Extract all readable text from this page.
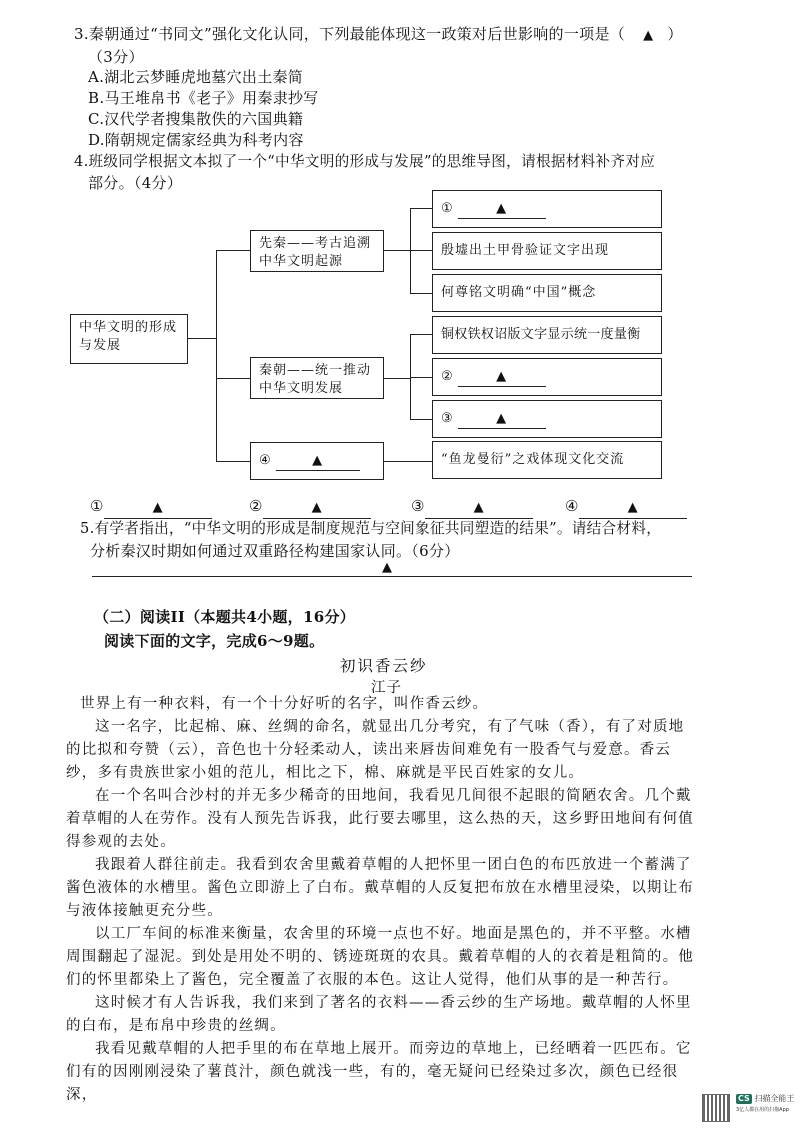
3.秦朝通过“书同文”强化文化认同，下列最能体现这一政策对后世影响的一项是（ ▲ ）
（3分）
A.湖北云梦睡虎地墓穴出土秦简
B.马王堆帛书《老子》用秦隶抄写
C.汉代学者搜集散佚的六国典籍
D.隋朝规定儒家经典为科考内容
4.班级同学根据文本拟了一个“中华文明的形成与发展”的思维导图，请根据材料补齐对应
部分。（4分）
中华文明的形成与发展
先秦——考古追溯中华文明起源
秦朝——统一推动中华文明发展
④	▲
①	▲
殷墟出土甲骨验证文字出现
何尊铭文明确“中国”概念
铜权铁权诏版文字显示统一度量衡
②	▲
③	▲
“鱼龙曼衍”之戏体现文化交流
①	▲	②	▲	③	▲	④	▲
5.有学者指出，“中华文明的形成是制度规范与空间象征共同塑造的结果”。请结合材料，
分析秦汉时期如何通过双重路径构建国家认同。（6分）
▲
（二）阅读II（本题共4小题，16分）
阅读下面的文字，完成6～9题。
初识香云纱
江子

世界上有一种衣料，有一个十分好听的名字，叫作香云纱。

这一名字，比起棉、麻、丝绸的命名，就显出几分考究，有了气味（香），有了对质地的比拟和夸赞（云），音色也十分轻柔动人，读出来唇齿间难免有一股香气与爱意。香云纱，多有贵族世家小姐的范儿，相比之下，棉、麻就是平民百姓家的女儿。

在一个名叫合沙村的并无多少稀奇的田地间，我看见几间很不起眼的简陋农舍。几个戴着草帽的人在劳作。没有人预先告诉我，此行要去哪里，这么热的天，这乡野田地间有何值得参观的去处。

我跟着人群往前走。我看到农舍里戴着草帽的人把怀里一团白色的布匹放进一个蓄满了酱色液体的水槽里。酱色立即游上了白布。戴草帽的人反复把布放在水槽里浸染，以期让布与液体接触更充分些。

以工厂车间的标准来衡量，农舍里的环境一点也不好。地面是黑色的，并不平整。水槽周围翻起了湿泥。到处是用处不明的、锈迹斑斑的农具。戴着草帽的人的衣着是粗简的。他们的怀里都染上了酱色，完全覆盖了衣服的本色。这让人觉得，他们从事的是一种苦行。

这时候才有人告诉我，我们来到了著名的衣料——香云纱的生产场地。戴草帽的人怀里的白布，是布帛中珍贵的丝绸。

我看见戴草帽的人把手里的布在草地上展开。而旁边的草地上，已经晒着一匹匹布。它们有的因刚刚浸染了薯莨汁，颜色就浅一些，有的，毫无疑问已经染过多次，颜色已经很深，	CS 扫描全能王
3亿人都在用的扫描App
